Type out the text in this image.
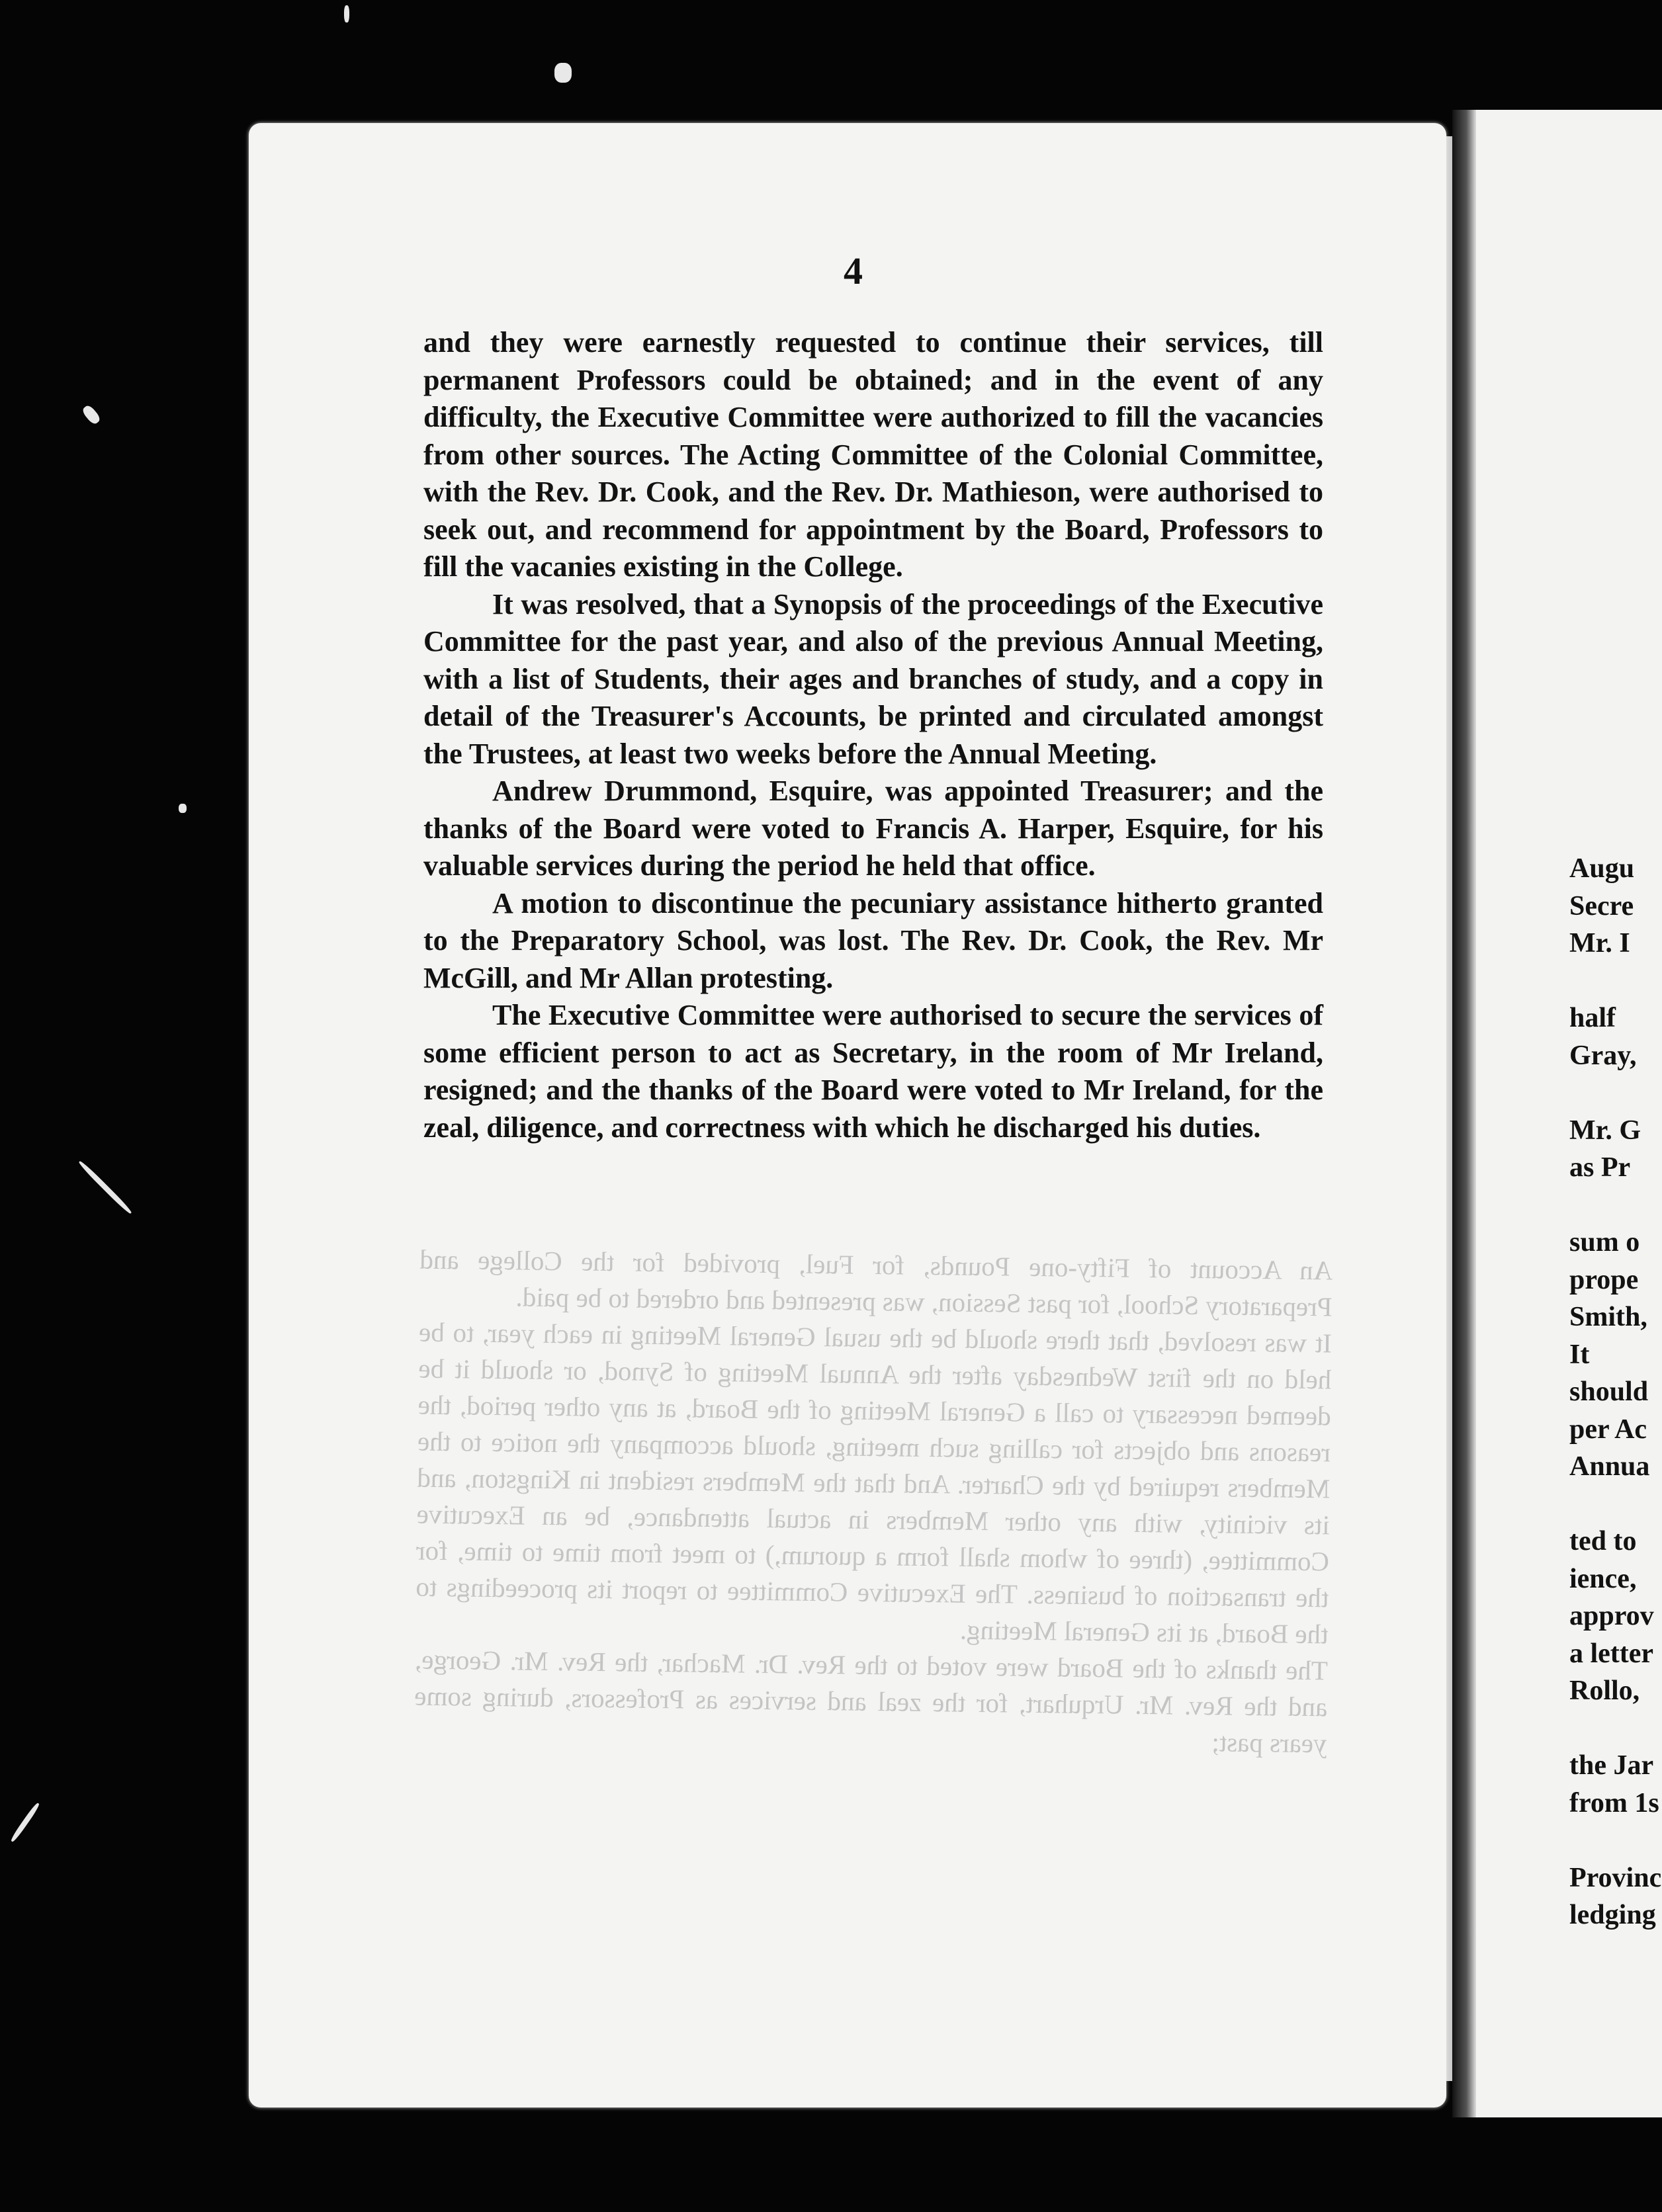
4

and they were earnestly requested to continue their services, till permanent Professors could be obtained; and in the event of any difficulty, the Executive Committee were authorized to fill the vacancies from other sources. The Acting Committee of the Colonial Committee, with the Rev. Dr. Cook, and the Rev. Dr. Mathieson, were authorised to seek out, and recommend for appointment by the Board, Professors to fill the vacanies existing in the College.

It was resolved, that a Synopsis of the proceedings of the Executive Committee for the past year, and also of the previous Annual Meeting, with a list of Students, their ages and branches of study, and a copy in detail of the Treasurer's Accounts, be printed and circulated amongst the Trustees, at least two weeks before the Annual Meeting.

Andrew Drummond, Esquire, was appointed Treasurer; and the thanks of the Board were voted to Francis A. Harper, Esquire, for his valuable services during the period he held that office.

A motion to discontinue the pecuniary assistance hitherto granted to the Preparatory School, was lost. The Rev. Dr. Cook, the Rev. Mr McGill, and Mr Allan protesting.

The Executive Committee were authorised to secure the services of some efficient person to act as Secretary, in the room of Mr Ireland, resigned; and the thanks of the Board were voted to Mr Ireland, for the zeal, diligence, and correctness with which he discharged his duties.

An Account of Fifty-one Pounds, for Fuel, provided for the College and Preparatory School, for past Session, was presented and ordered to be paid.

It was resolved, that there should be the usual General Meeting in each year, to be held on the first Wednesday after the Annual Meeting of Synod, or should it be deemed necessary to call a General Meeting of the Board, at any other period, the reasons and objects for calling such meeting, should accompany the notice to the Members required by the Charter. And that the Members resident in Kingston, and its vicinity, with any other Members in actual attendance, be an Executive Committee, (three of whom shall form a quorum,) to meet from time to time, for the transaction of business. The Executive Committee to report its proceedings to the Board, at its General Meeting.

The thanks of the Board were voted to the Rev. Dr. Machar, the Rev. Mr. George, and the Rev. Mr. Urquhart, for the zeal and services as Professors, during some years past;

Augu
Secre
Mr. I
half
Gray,
Mr. G
as Pr
sum o
prope
Smith,
It
should
per Ac
Annua
ted to
ience,
approv
a letter
Rollo,
the Jar
from 1s
Provinc
ledging
